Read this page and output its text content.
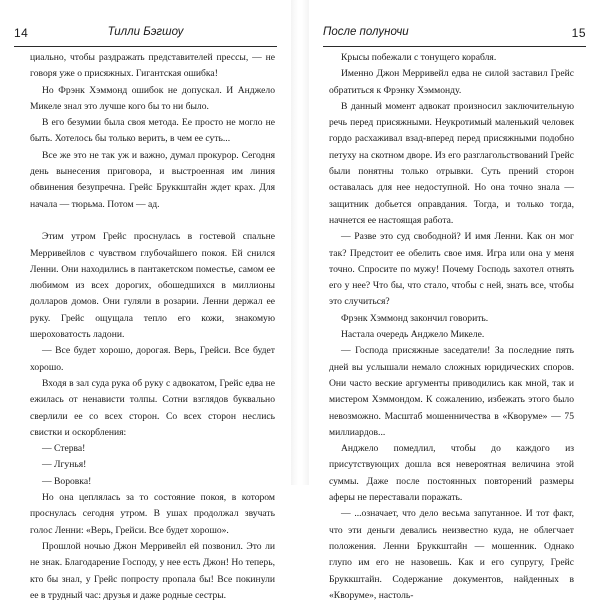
14	Тилли Бэгшоу

циально, чтобы раздражать представителей прессы, — не говоря уже о присяжных. Гигантская ошибка!

Но Фрэнк Хэммонд ошибок не допускал. И Анджело Микеле знал это лучше кого бы то ни было.

В его безумии была своя метода. Ее просто не могло не быть. Хотелось бы только верить, в чем ее суть...

Все же это не так уж и важно, думал прокурор. Сегодня день вынесения приговора, и выстроенная им линия обвинения безупречна. Грейс Бруккштайн ждет крах. Для начала — тюрьма. Потом — ад.

Этим утром Грейс проснулась в гостевой спальне Мерривейлов с чувством глубочайшего покоя. Ей снился Ленни. Они находились в пантакетском поместье, самом ее любимом из всех дорогих, обошедшихся в миллионы долларов домов. Они гуляли в розарии. Ленни держал ее руку. Грейс ощущала тепло его кожи, знакомую шероховатость ладони.

— Все будет хорошо, дорогая. Верь, Грейси. Все будет хорошо.

Входя в зал суда рука об руку с адвокатом, Грейс едва не ежилась от ненависти толпы. Сотни взглядов буквально сверлили ее со всех сторон. Со всех сторон неслись свистки и оскорбления:

— Стерва!

— Лгунья!

— Воровка!

Но она цеплялась за то состояние покоя, в котором проснулась сегодня утром. В ушах продолжал звучать голос Ленни: «Верь, Грейси. Все будет хорошо».

Прошлой ночью Джон Мерривейл ей позвонил. Это ли не знак. Благодарение Господу, у нее есть Джон! Но теперь, кто бы знал, у Грейс попросту пропала бы! Все покинули ее в трудный час: друзья и даже родные сестры.

После полуночи	15

Крысы побежали с тонущего корабля.

Именно Джон Мерривейл едва не силой заставил Грейс обратиться к Фрэнку Хэммонду.

В данный момент адвокат произносил заключительную речь перед присяжными. Неукротимый маленький человек гордо расхаживал взад-вперед перед присяжными подобно петуху на скотном дворе. Из его разглагольствований Грейс были понятны только отрывки. Суть прений сторон оставалась для нее недоступной. Но она точно знала — защитник добьется оправдания. Тогда, и только тогда, начнется ее настоящая работа.

— Разве это суд свободной? И имя Ленни. Как он мог так? Предстоит ее обелить свое имя. Игра или она у меня точно. Спросите по мужу! Почему Господь захотел отнять его у нее? Что бы, что стало, чтобы с ней, знать все, чтобы это случиться?

Фрэнк Хэммонд закончил говорить.

Настала очередь Анджело Микеле.

— Господа присяжные заседатели! За последние пять дней вы услышали немало сложных юридических споров. Они часто веские аргументы приводились как мной, так и мистером Хэммондом. К сожалению, избежать этого было невозможно. Масштаб мошенничества в «Кворуме» — 75 миллиардов...

Анджело помедлил, чтобы до каждого из присутствующих дошла вся невероятная величина этой суммы. Даже после постоянных повторений размеры аферы не переставали поражать.

— ...означает, что дело весьма запутанное. И тот факт, что эти деньги девались неизвестно куда, не облегчает положения. Ленни Бруккштайн — мошенник. Однако глупо им его не назовешь. Как и его супругу, Грейс Бруккштайн. Содержание документов, найденных в «Кворуме», настоль-
